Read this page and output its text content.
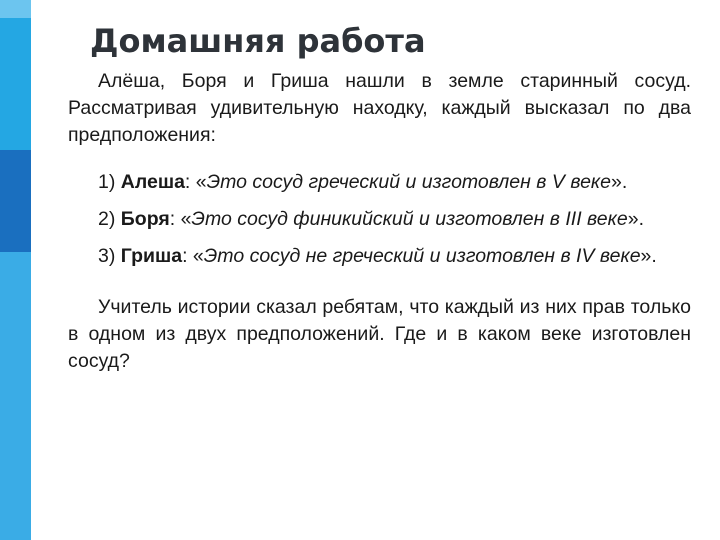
Домашняя работа

Алёша, Боря и Гриша нашли в земле старинный сосуд. Рассматривая удивительную находку, каждый высказал по два предположения:

1) Алеша: «Это сосуд греческий и изготовлен в V веке».

2) Боря: «Это сосуд финикийский и изготовлен в III веке».

3) Гриша: «Это сосуд не греческий и изготовлен в IV веке».

Учитель истории сказал ребятам, что каждый из них прав только в одном из двух предположений. Где и в каком веке изготовлен сосуд?
